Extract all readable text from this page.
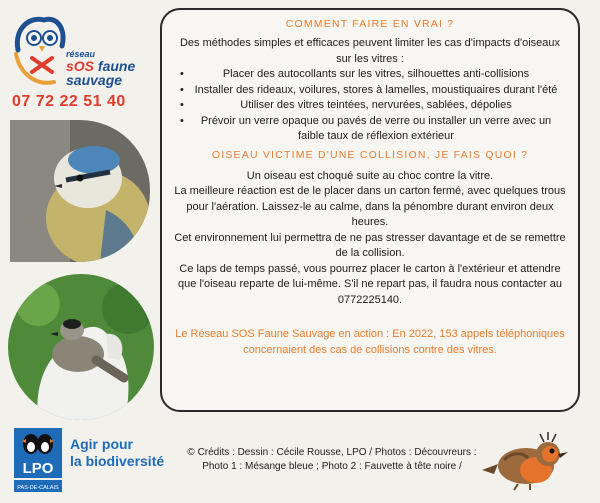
réseau
sOS faune
sauvage
07 72 22 51 40
COMMENT FAIRE EN VRAI ?

Des méthodes simples et efficaces peuvent limiter les cas d'impacts d'oiseaux sur les vitres :

• Placer des autocollants sur les vitres, silhouettes anti-collisions
• Installer des rideaux, voilures, stores à lamelles, moustiquaires durant l'été
• Utiliser des vitres teintées, nervurées, sablées, dépolies
• Prévoir un verre opaque ou pavés de verre ou installer un verre avec un faible taux de réflexion extérieur
OISEAU VICTIME D'UNE COLLISION, JE FAIS QUOI ?

Un oiseau est choqué suite au choc contre la vitre.

La meilleure réaction est de le placer dans un carton fermé, avec quelques trous pour l'aération. Laissez-le au calme, dans la pénombre durant environ deux heures.

Cet environnement lui permettra de ne pas stresser davantage et de se remettre de la collision.

Ce laps de temps passé, vous pourrez placer le carton à l'extérieur et attendre que l'oiseau reparte de lui-même. S'il ne repart pas, il faudra nous contacter au 0772225140.

Le Réseau SOS Faune Sauvage en action : En 2022, 153 appels téléphoniques concernaient des cas de collisions contre des vitres.
LPO
PAS-DE-CALAIS
Agir pour
la biodiversité
© Crédits : Dessin : Cécile Rousse, LPO / Photos : Découvreurs :
Photo 1 : Mésange bleue ; Photo 2 : Fauvette à tête noire /
